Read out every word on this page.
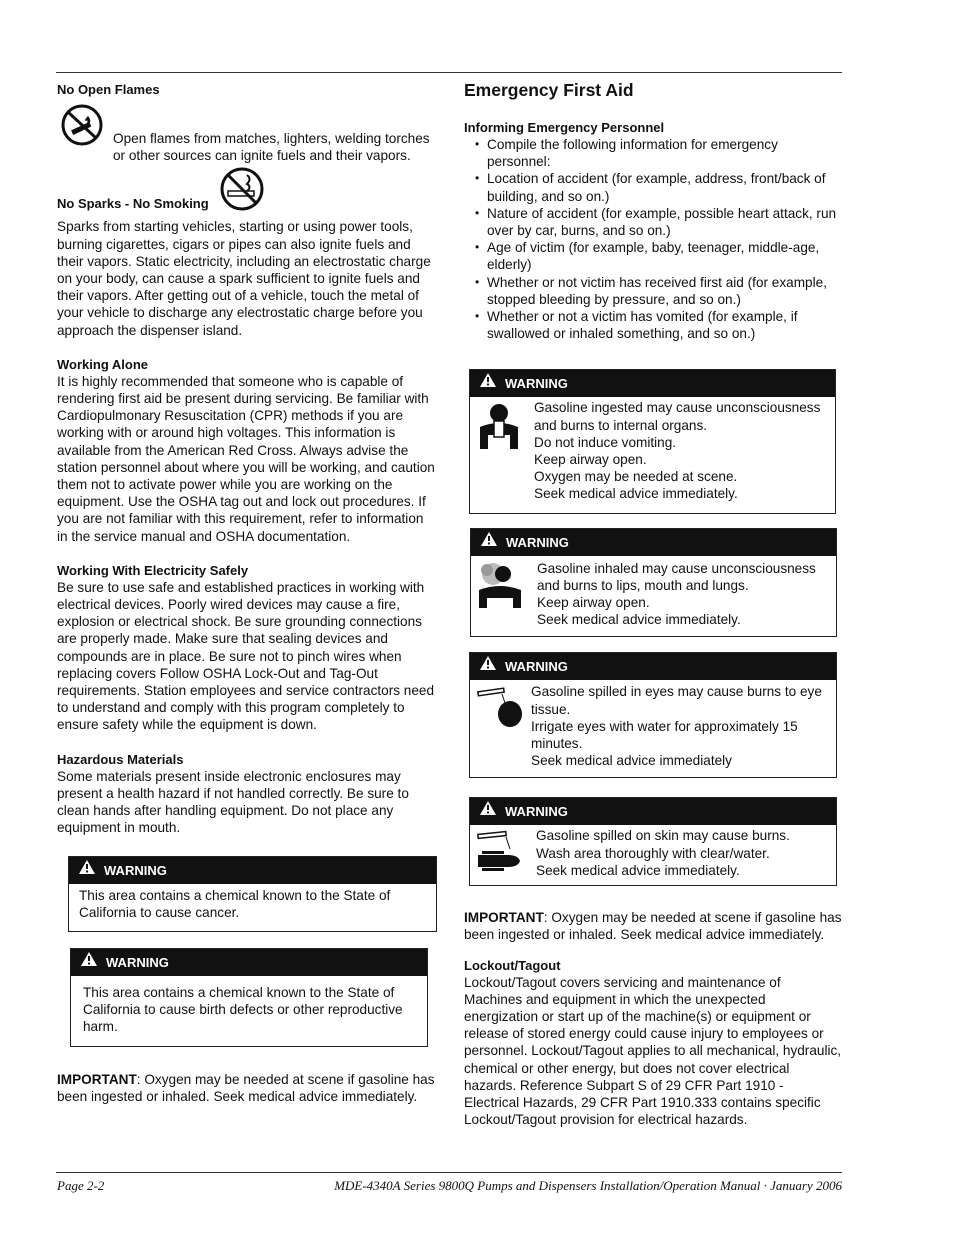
No Open Flames

Open flames from matches, lighters, welding torches or other sources can ignite fuels and their vapors.

No Sparks - No Smoking

Sparks from starting vehicles, starting or using power tools, burning cigarettes, cigars or pipes can also ignite fuels and their vapors. Static electricity, including an electrostatic charge on your body, can cause a spark sufficient to ignite fuels and their vapors. After getting out of a vehicle, touch the metal of your vehicle to discharge any electrostatic charge before you approach the dispenser island.

Working Alone

It is highly recommended that someone who is capable of rendering first aid be present during servicing. Be familiar with Cardiopulmonary Resuscitation (CPR) methods if you are working with or around high voltages. This information is available from the American Red Cross. Always advise the station personnel about where you will be working, and caution them not to activate power while you are working on the equipment. Use the OSHA tag out and lock out procedures. If you are not familiar with this requirement, refer to information in the service manual and OSHA documentation.

Working With Electricity Safely

Be sure to use safe and established practices in working with electrical devices. Poorly wired devices may cause a fire, explosion or electrical shock. Be sure grounding connections are properly made. Make sure that sealing devices and compounds are in place. Be sure not to pinch wires when replacing covers Follow OSHA Lock-Out and Tag-Out requirements. Station employees and service contractors need to understand and comply with this program completely to ensure safety while the equipment is down.

Hazardous Materials

Some materials present inside electronic enclosures may present a health hazard if not handled correctly. Be sure to clean hands after handling equipment. Do not place any equipment in mouth.

WARNING

This area contains a chemical known to the State of California to cause cancer.

WARNING

This area contains a chemical known to the State of California to cause birth defects or other reproductive harm.

IMPORTANT: Oxygen may be needed at scene if gasoline has been ingested or inhaled. Seek medical advice immediately.

Emergency First Aid
Informing Emergency Personnel
• Compile the following information for emergency personnel:
• Location of accident (for example, address, front/back of building, and so on.)
• Nature of accident (for example, possible heart attack, run over by car, burns, and so on.)
• Age of victim (for example, baby, teenager, middle-age, elderly)
• Whether or not victim has received first aid (for example, stopped bleeding by pressure, and so on.)
• Whether or not a victim has vomited (for example, if swallowed or inhaled something, and so on.)
WARNING
Gasoline ingested may cause unconsciousness and burns to internal organs.
Do not induce vomiting.
Keep airway open.
Oxygen may be needed at scene.
Seek medical advice immediately.
WARNING
Gasoline inhaled may cause unconsciousness and burns to lips, mouth and lungs.
Keep airway open.
Seek medical advice immediately.
WARNING
Gasoline spilled in eyes may cause burns to eye tissue.
Irrigate eyes with water for approximately 15 minutes.
Seek medical advice immediately
WARNING
Gasoline spilled on skin may cause burns.
Wash area thoroughly with clear/water.
Seek medical advice immediately.

IMPORTANT: Oxygen may be needed at scene if gasoline has been ingested or inhaled. Seek medical advice immediately.

Lockout/Tagout

Lockout/Tagout covers servicing and maintenance of Machines and equipment in which the unexpected energization or start up of the machine(s) or equipment or release of stored energy could cause injury to employees or personnel. Lockout/Tagout applies to all mechanical, hydraulic, chemical or other energy, but does not cover electrical hazards. Reference Subpart S of 29 CFR Part 1910 - Electrical Hazards, 29 CFR Part 1910.333 contains specific Lockout/Tagout provision for electrical hazards.

Page 2-2	MDE-4340A Series 9800Q Pumps and Dispensers Installation/Operation Manual · January 2006
